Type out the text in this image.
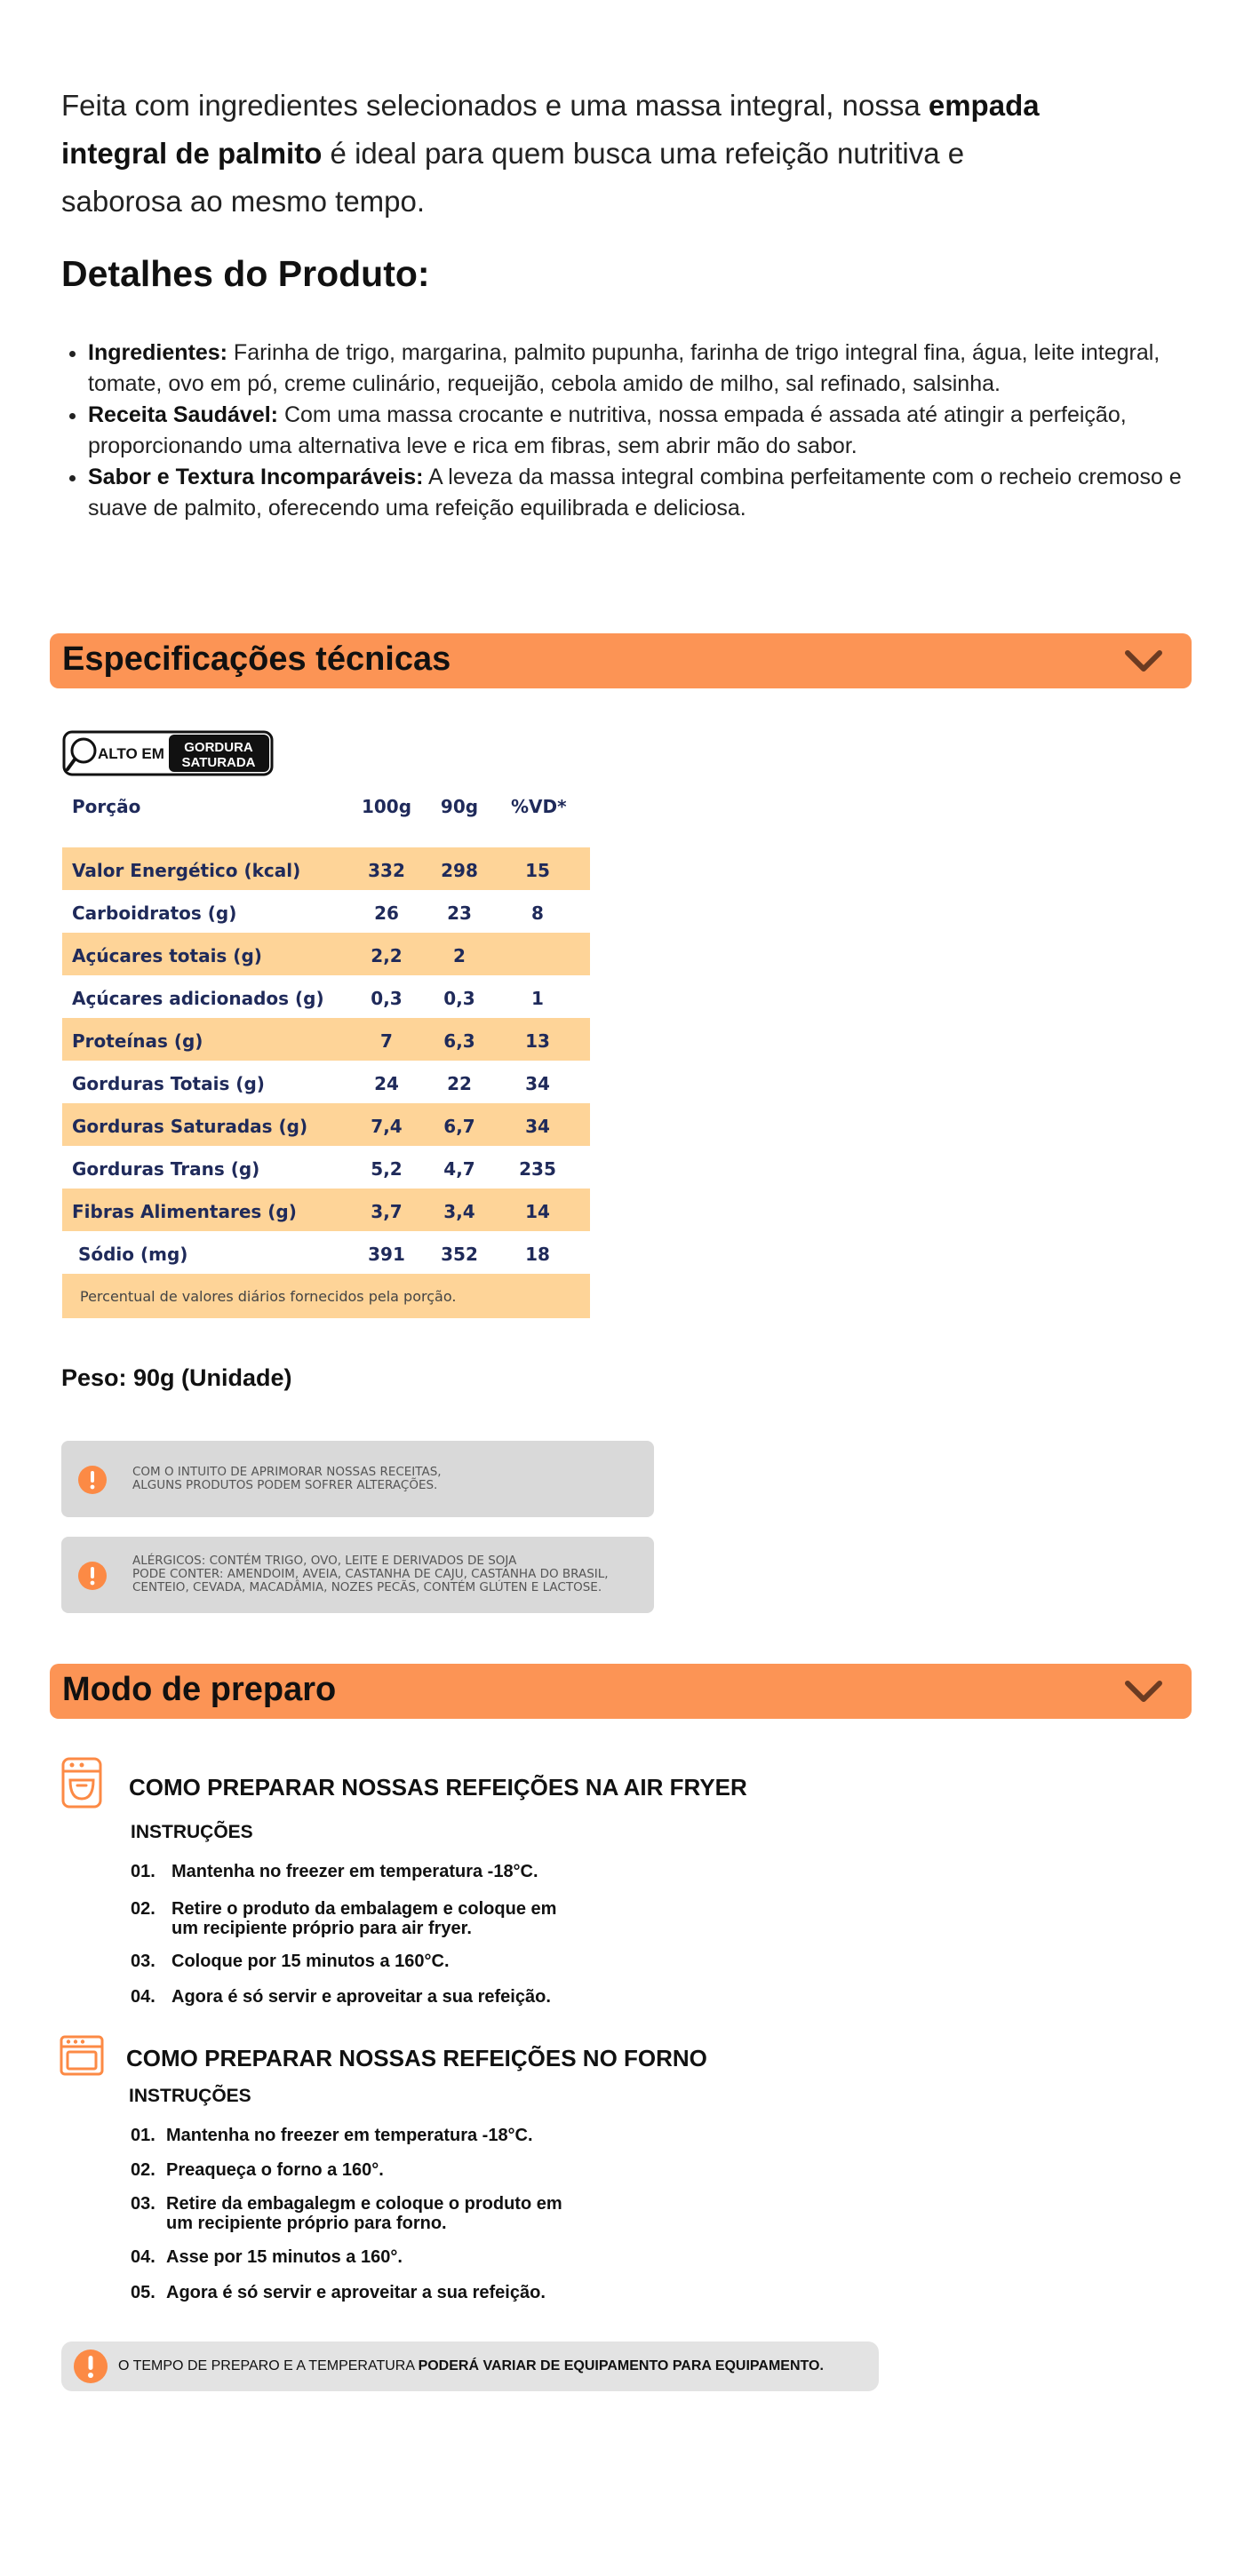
Feita com ingredientes selecionados e uma massa integral, nossa empada integral de palmito é ideal para quem busca uma refeição nutritiva e saborosa ao mesmo tempo.

Detalhes do Produto:
• Ingredientes: Farinha de trigo, margarina, palmito pupunha, farinha de trigo integral fina, água, leite integral, tomate, ovo em pó, creme culinário, requeijão, cebola amido de milho, sal refinado, salsinha.
• Receita Saudável: Com uma massa crocante e nutritiva, nossa empada é assada até atingir a perfeição, proporcionando uma alternativa leve e rica em fibras, sem abrir mão do sabor.
• Sabor e Textura Incomparáveis: A leveza da massa integral combina perfeitamente com o recheio cremoso e suave de palmito, oferecendo uma refeição equilibrada e deliciosa.
Especificações técnicas
ALTO EM GORDURA
SATURADA
Porção	100g	90g	%VD*
Valor Energético (kcal)	332	298	15
Carboidratos (g)	26	23	8
Açúcares totais (g)	2,2	2
Açúcares adicionados (g)	0,3	0,3	1
Proteínas (g)	7	6,3	13
Gorduras Totais (g)	24	22	34
Gorduras Saturadas (g)	7,4	6,7	34
Gorduras Trans (g)	5,2	4,7	235
Fibras Alimentares (g)	3,7	3,4	14
Sódio (mg)	391	352	18
Percentual de valores diários fornecidos pela porção.
Peso: 90g (Unidade)
COM O INTUITO DE APRIMORAR NOSSAS RECEITAS,
ALGUNS PRODUTOS PODEM SOFRER ALTERAÇÕES.
ALÉRGICOS: CONTÉM TRIGO, OVO, LEITE E DERIVADOS DE SOJA
PODE CONTER: AMENDOIM, AVEIA, CASTANHA DE CAJU, CASTANHA DO BRASIL,
CENTEIO, CEVADA, MACADÂMIA, NOZES PECÃS, CONTÉM GLÚTEN E LACTOSE.
Modo de preparo
COMO PREPARAR NOSSAS REFEIÇÕES NA AIR FRYER
INSTRUÇÕES
01. Mantenha no freezer em temperatura -18°C.
02. Retire o produto da embalagem e coloque em
um recipiente próprio para air fryer.
03. Coloque por 15 minutos a 160°C.
04. Agora é só servir e aproveitar a sua refeição.
COMO PREPARAR NOSSAS REFEIÇÕES NO FORNO
INSTRUÇÕES
01. Mantenha no freezer em temperatura -18°C.
02. Preaqueça o forno a 160°.
03. Retire da embagalegm e coloque o produto em
um recipiente próprio para forno.
04. Asse por 15 minutos a 160°.
05. Agora é só servir e aproveitar a sua refeição.
O TEMPO DE PREPARO E A TEMPERATURA PODERÁ VARIAR DE EQUIPAMENTO PARA EQUIPAMENTO.
